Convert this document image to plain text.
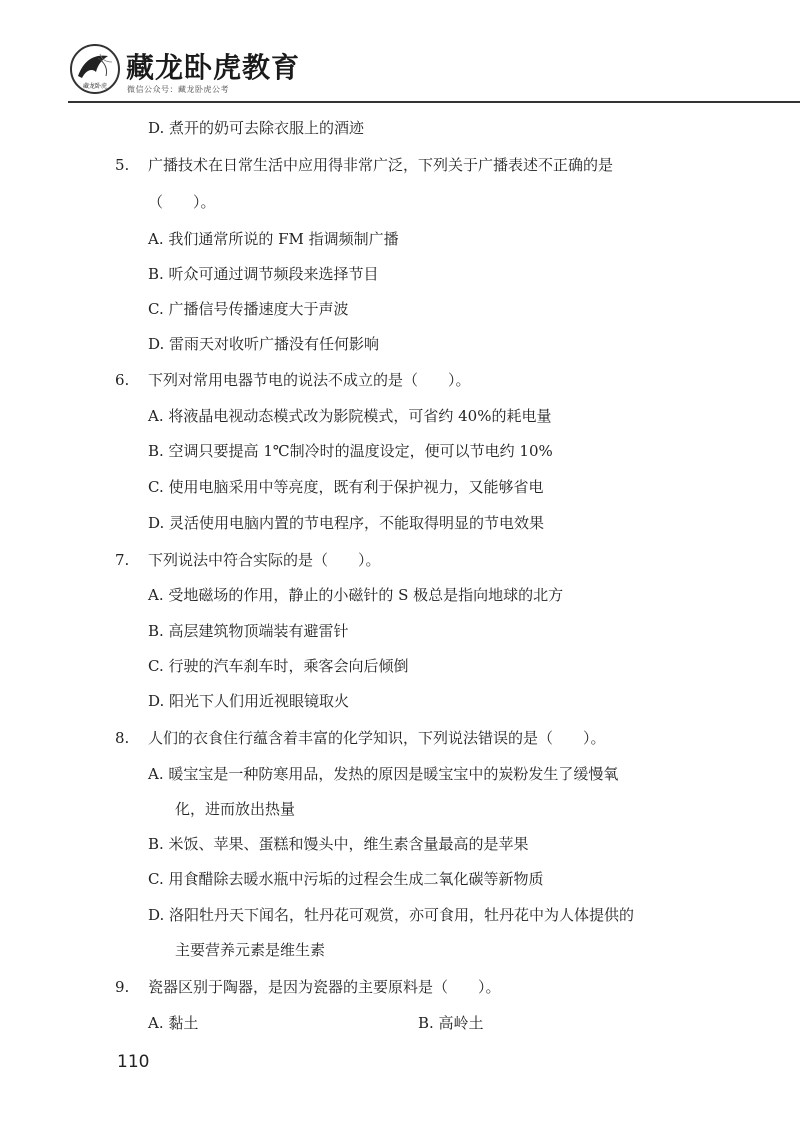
藏龙卧虎
藏龙卧虎教育
微信公众号：藏龙卧虎公考
D. 煮开的奶可去除衣服上的酒迹
5. 广播技术在日常生活中应用得非常广泛，下列关于广播表述不正确的是
（　　）。
A. 我们通常所说的 FM 指调频制广播
B. 听众可通过调节频段来选择节目
C. 广播信号传播速度大于声波
D. 雷雨天对收听广播没有任何影响
6. 下列对常用电器节电的说法不成立的是（　　）。
A. 将液晶电视动态模式改为影院模式，可省约 40%的耗电量
B. 空调只要提高 1℃制冷时的温度设定，便可以节电约 10%
C. 使用电脑采用中等亮度，既有利于保护视力，又能够省电
D. 灵活使用电脑内置的节电程序，不能取得明显的节电效果
7. 下列说法中符合实际的是（　　）。
A. 受地磁场的作用，静止的小磁针的 S 极总是指向地球的北方
B. 高层建筑物顶端装有避雷针
C. 行驶的汽车刹车时，乘客会向后倾倒
D. 阳光下人们用近视眼镜取火
8. 人们的衣食住行蕴含着丰富的化学知识，下列说法错误的是（　　）。
A. 暖宝宝是一种防寒用品，发热的原因是暖宝宝中的炭粉发生了缓慢氧
化，进而放出热量
B. 米饭、苹果、蛋糕和馒头中，维生素含量最高的是苹果
C. 用食醋除去暖水瓶中污垢的过程会生成二氧化碳等新物质
D. 洛阳牡丹天下闻名，牡丹花可观赏，亦可食用，牡丹花中为人体提供的
主要营养元素是维生素
9. 瓷器区别于陶器，是因为瓷器的主要原料是（　　）。
A. 黏土	B. 高岭土
110
